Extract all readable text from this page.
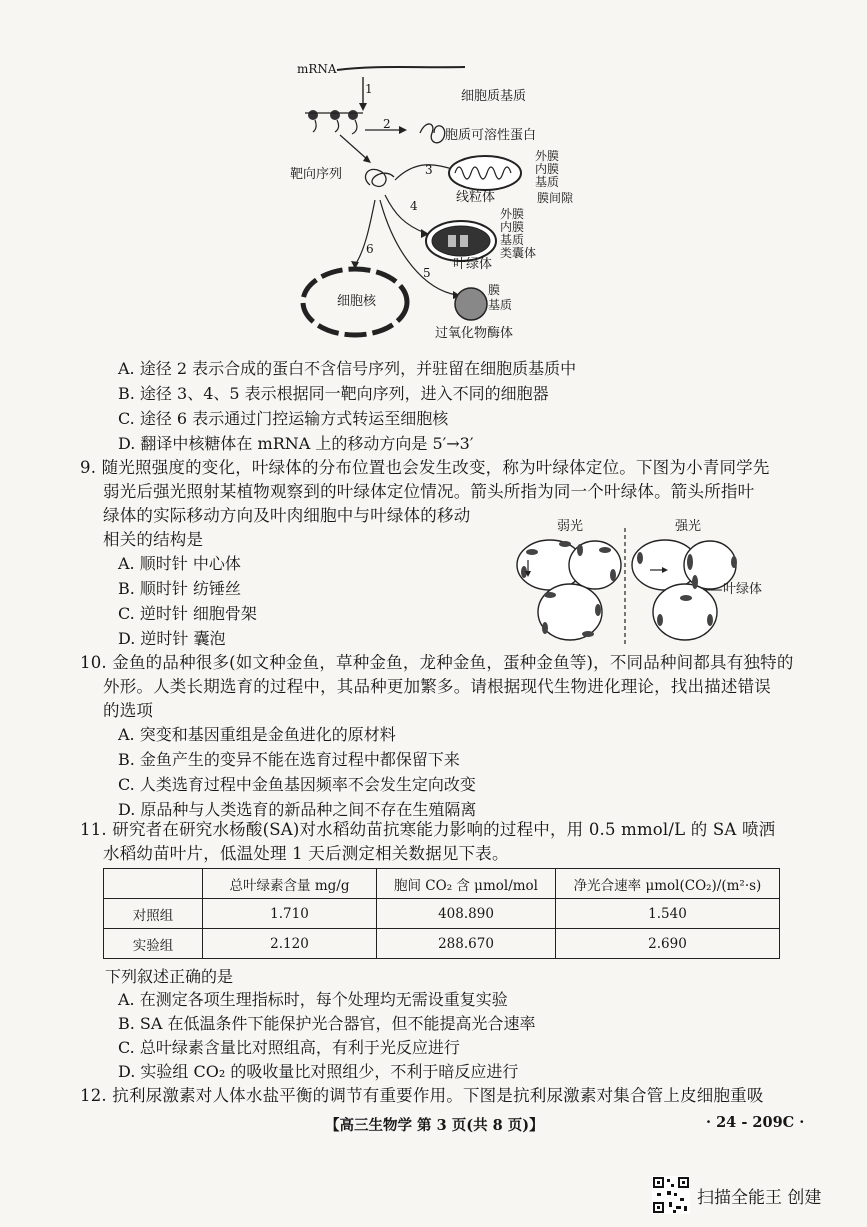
mRNA
1	细胞质基质
2
胞质可溶性蛋白
靶向序列	3
外膜
内膜
基质
线粒体	膜间隙
4
外膜
内膜
基质
类囊体
叶绿体
6
5
细胞核
膜
基质
过氧化物酶体
A. 途径 2 表示合成的蛋白不含信号序列，并驻留在细胞质基质中
B. 途径 3、4、5 表示根据同一靶向序列，进入不同的细胞器
C. 途径 6 表示通过门控运输方式转运至细胞核
D. 翻译中核糖体在 mRNA 上的移动方向是 5′→3′
9. 随光照强度的变化，叶绿体的分布位置也会发生改变，称为叶绿体定位。下图为小青同学先
弱光后强光照射某植物观察到的叶绿体定位情况。箭头所指为同一个叶绿体。箭头所指叶
绿体的实际移动方向及叶肉细胞中与叶绿体的移动
相关的结构是
A. 顺时针 中心体
B. 顺时针 纺锤丝
C. 逆时针 细胞骨架
D. 逆时针 囊泡
弱光	强光
叶绿体
10. 金鱼的品种很多(如文种金鱼，草种金鱼，龙种金鱼，蛋种金鱼等)，不同品种间都具有独特的
外形。人类长期选育的过程中，其品种更加繁多。请根据现代生物进化理论，找出描述错误
的选项
A. 突变和基因重组是金鱼进化的原材料
B. 金鱼产生的变异不能在选育过程中都保留下来
C. 人类选育过程中金鱼基因频率不会发生定向改变
D. 原品种与人类选育的新品种之间不存在生殖隔离
11. 研究者在研究水杨酸(SA)对水稻幼苗抗寒能力影响的过程中，用 0.5 mmol/L 的 SA 喷洒
水稻幼苗叶片，低温处理 1 天后测定相关数据见下表。
	总叶绿素含量 mg/g	胞间 CO₂ 含 μmol/mol	净光合速率 μmol(CO₂)/(m²·s)
对照组	1.710	408.890	1.540
实验组	2.120	288.670	2.690
下列叙述正确的是
A. 在测定各项生理指标时，每个处理均无需设重复实验
B. SA 在低温条件下能保护光合器官，但不能提高光合速率
C. 总叶绿素含量比对照组高，有利于光反应进行
D. 实验组 CO₂ 的吸收量比对照组少，不利于暗反应进行
12. 抗利尿激素对人体水盐平衡的调节有重要作用。下图是抗利尿激素对集合管上皮细胞重吸
【高三生物学 第 3 页(共 8 页)】	· 24 - 209C ·
扫描全能王 创建
